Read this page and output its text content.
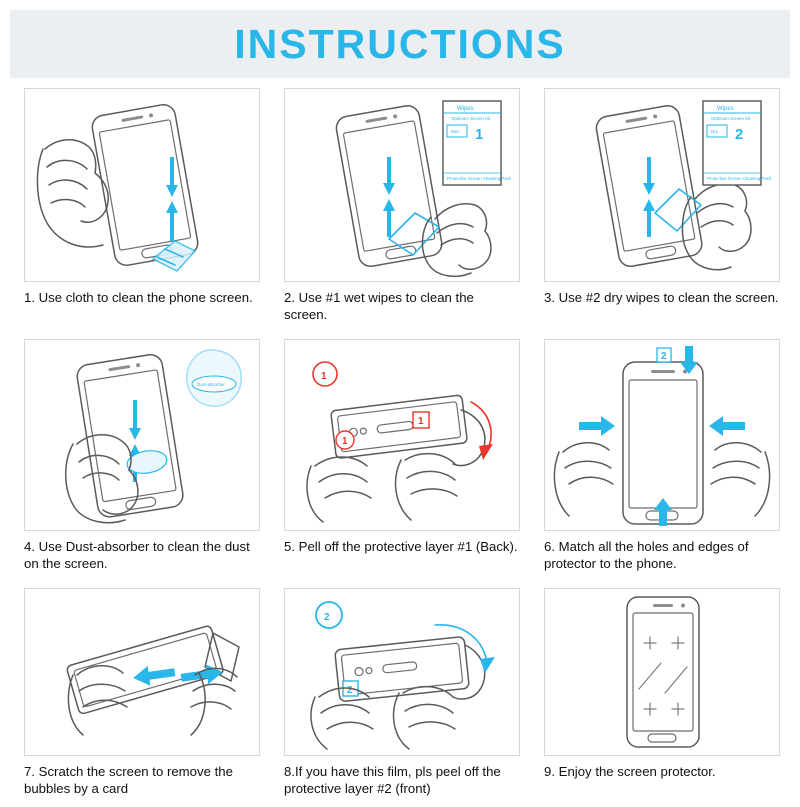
INSTRUCTIONS
1. Use cloth to clean the phone screen.
Wipes
Optimum Screen Kit
Wet 1
Protective Screen Cleaning Pack
2. Use #1 wet wipes to clean the screen.
Wipes
Optimum Screen Kit
Dry 2
Protective Screen Cleaning Pack
3. Use #2 dry wipes to clean the screen.
Dust-absorber
4. Use Dust-absorber to clean the dust on the screen.
1
1
1
5. Pell off the protective layer #1 (Back).
2
6. Match all the holes and edges of protector to the phone.
7. Scratch the screen to remove the bubbles by a card
2
2
8.If you have this film, pls peel off the protective layer #2 (front)
9. Enjoy the screen protector.
